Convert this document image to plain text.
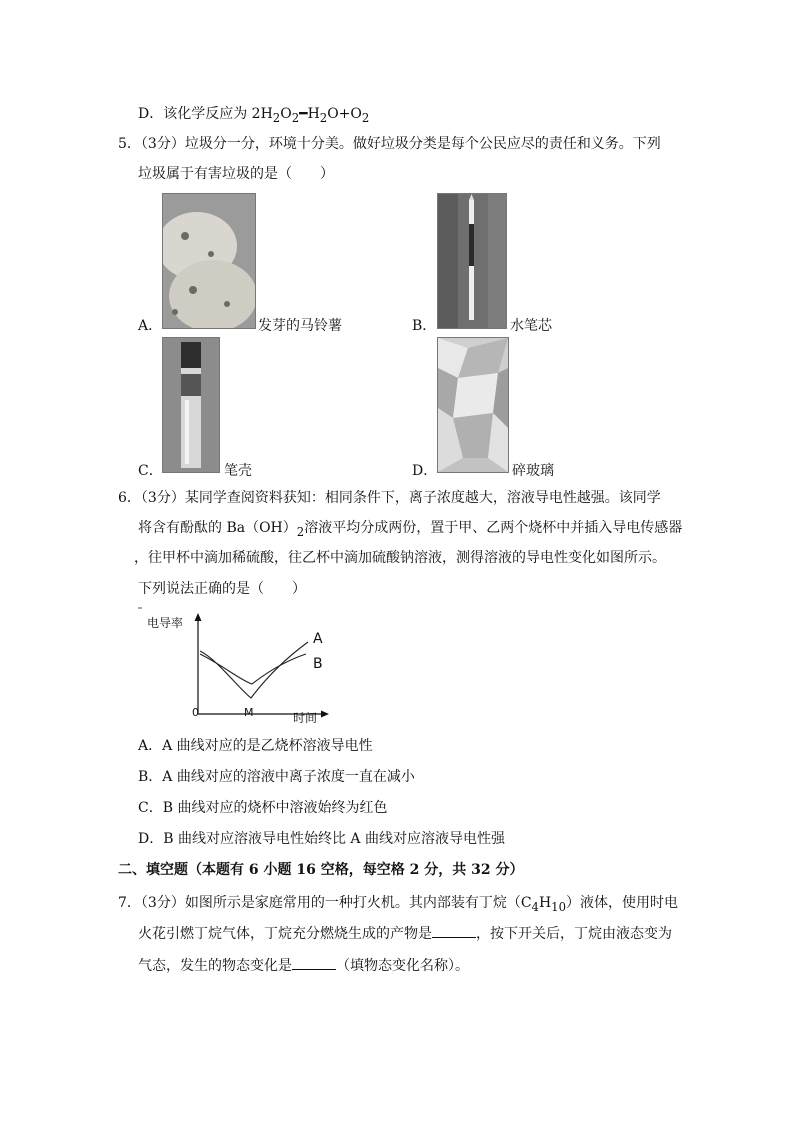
D．该化学反应为 $2H_2O_2━H_2O+O_2$
5．（3分）垃圾分一分，环境十分美。做好垃圾分类是每个公民应尽的责任和义务。下列
垃圾属于有害垃圾的是（　　）
A．	发芽的马铃薯	B．	水笔芯
C．	笔壳	D．	碎玻璃
6．（3分）某同学查阅资料获知：相同条件下，离子浓度越大，溶液导电性越强。该同学
将含有酚酞的 $Ba(OH)_2$溶液平均分成两份，置于甲、乙两个烧杯中并插入导电传感器
，往甲杯中滴加稀硫酸，往乙杯中滴加硫酸钠溶液，测得溶液的导电性变化如图所示。
下列说法正确的是（　　）
电导率
时间
0	M
A
B
A．A 曲线对应的是乙烧杯溶液导电性
B．A 曲线对应的溶液中离子浓度一直在减小
C．B 曲线对应的烧杯中溶液始终为红色
D．B 曲线对应溶液导电性始终比 A 曲线对应溶液导电性强
二、填空题（本题有 6 小题 16 空格，每空格 2 分，共 32 分）
7．（3分）如图所示是家庭常用的一种打火机。其内部装有丁烷$(C_4H_{10})$液体，使用时电
火花引燃丁烷气体，丁烷充分燃烧生成的产物是	，按下开关后，丁烷由液态变为
气态，发生的物态变化是	（填物态变化名称）。
